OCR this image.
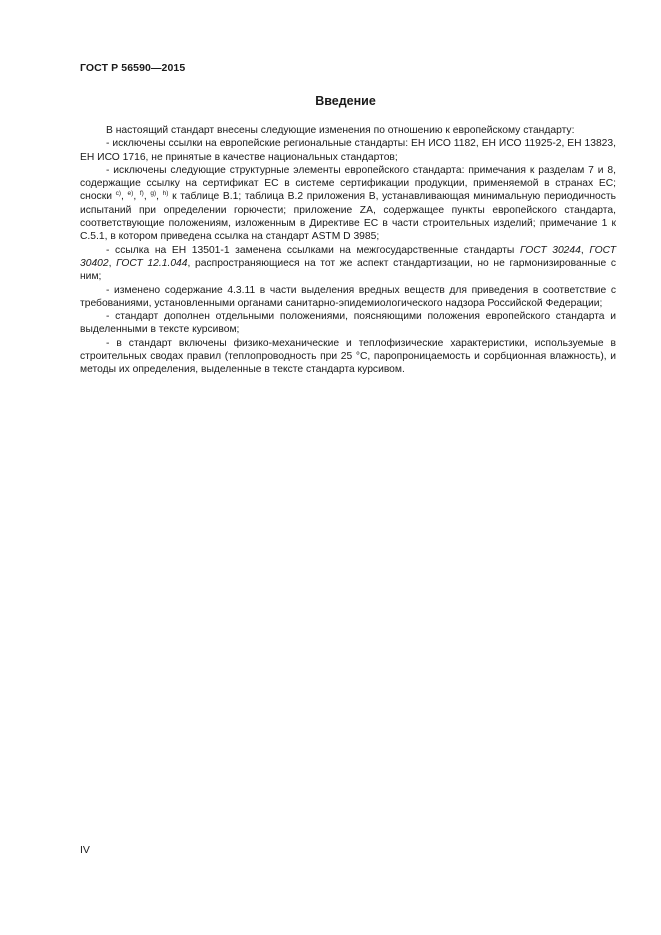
ГОСТ Р 56590—2015
Введение

В настоящий стандарт внесены следующие изменения по отношению к европейскому стандарту:

- исключены ссылки на европейские региональные стандарты: ЕН ИСО 1182, ЕН ИСО 11925-2, ЕН 13823, ЕН ИСО 1716, не принятые в качестве национальных стандартов;

- исключены следующие структурные элементы европейского стандарта: примечания к разделам 7 и 8, содержащие ссылку на сертификат ЕС в системе сертификации продукции, применяемой в странах ЕС; сноски $^{c)}$, $^{e)}$, $^{f)}$, $^{g)}$, $^{h)}$ к таблице В.1; таблица В.2 приложения В, устанавливающая минимальную периодичность испытаний при определении горючести; приложение ZA, содержащее пункты европейского стандарта, соответствующие положениям, изложенным в Директиве ЕС в части строительных изделий; примечание 1 к С.5.1, в котором приведена ссылка на стандарт ASTM D 3985;

- ссылка на ЕН 13501-1 заменена ссылками на межгосударственные стандарты ГОСТ 30244, ГОСТ 30402, ГОСТ 12.1.044, распространяющиеся на тот же аспект стандартизации, но не гармонизированные с ним;

- изменено содержание 4.3.11 в части выделения вредных веществ для приведения в соответствие с требованиями, установленными органами санитарно-эпидемиологического надзора Российской Федерации;

- стандарт дополнен отдельными положениями, поясняющими положения европейского стандарта и выделенными в тексте курсивом;

- в стандарт включены физико-механические и теплофизические характеристики, используемые в строительных сводах правил (теплопроводность при 25 °С, паропроницаемость и сорбционная влажность), и методы их определения, выделенные в тексте стандарта курсивом.

IV
